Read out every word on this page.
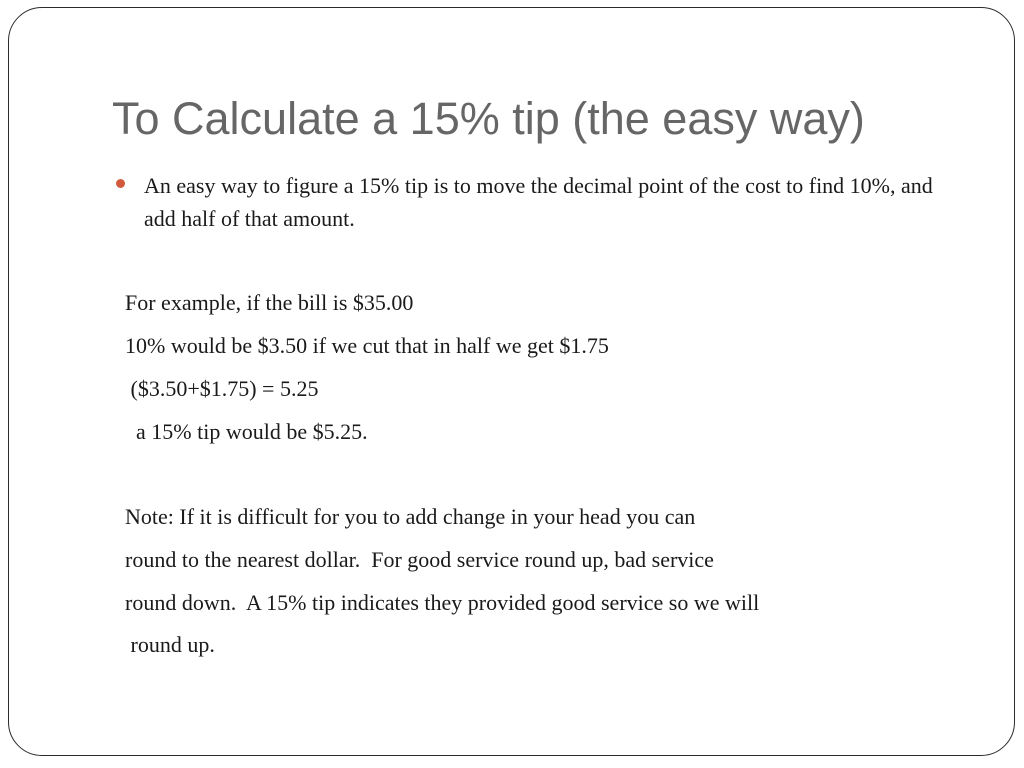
To Calculate a 15% tip (the easy way)
An easy way to figure a 15% tip is to move the decimal point of the cost to find 10%, and add half of that amount.
For example, if the bill is $35.00
10% would be $3.50 if we cut that in half we get $1.75
($3.50+$1.75) = 5.25
a 15% tip would be $5.25.
Note: If it is difficult for you to add change in your head you can
round to the nearest dollar.  For good service round up, bad service
round down.  A 15% tip indicates they provided good service so we will
round up.
